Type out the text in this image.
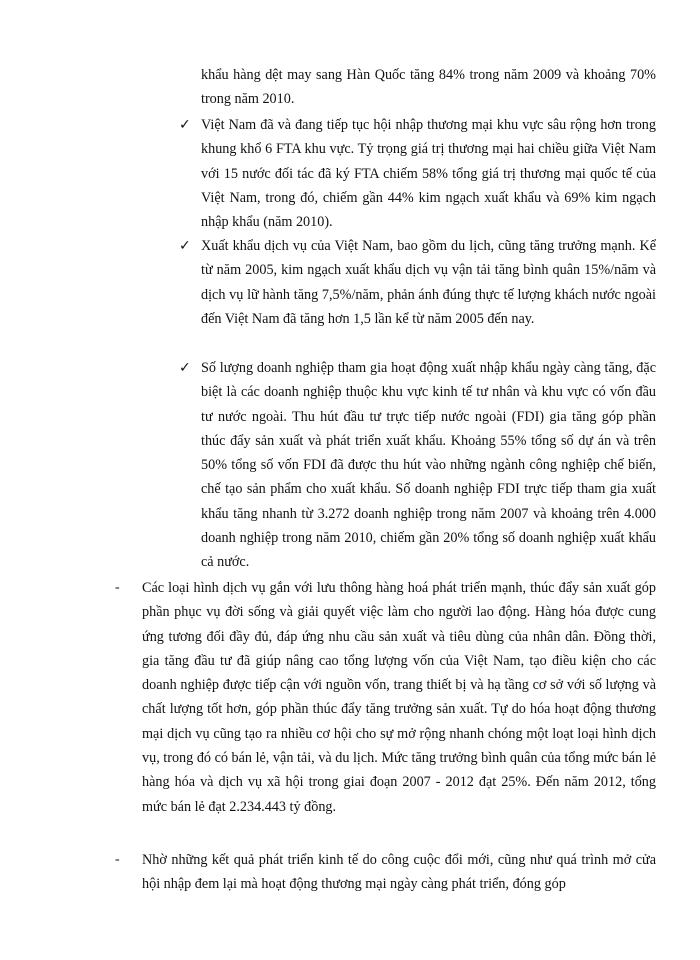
khẩu hàng dệt may sang Hàn Quốc tăng 84% trong năm 2009 và khoảng 70% trong năm 2010.

✓ Việt Nam đã và đang tiếp tục hội nhập thương mại khu vực sâu rộng hơn trong khung khổ 6 FTA khu vực. Tỷ trọng giá trị thương mại hai chiều giữa Việt Nam với 15 nước đối tác đã ký FTA chiếm 58% tổng giá trị thương mại quốc tế của Việt Nam, trong đó, chiếm gần 44% kim ngạch xuất khẩu và 69% kim ngạch nhập khẩu (năm 2010).

✓ Xuất khẩu dịch vụ của Việt Nam, bao gồm du lịch, cũng tăng trưởng mạnh. Kể từ năm 2005, kim ngạch xuất khẩu dịch vụ vận tải tăng bình quân 15%/năm và dịch vụ lữ hành tăng 7,5%/năm, phản ánh đúng thực tế lượng khách nước ngoài đến Việt Nam đã tăng hơn 1,5 lần kể từ năm 2005 đến nay.

✓ Số lượng doanh nghiệp tham gia hoạt động xuất nhập khẩu ngày càng tăng, đặc biệt là các doanh nghiệp thuộc khu vực kinh tế tư nhân và khu vực có vốn đầu tư nước ngoài. Thu hút đầu tư trực tiếp nước ngoài (FDI) gia tăng góp phần thúc đẩy sản xuất và phát triển xuất khẩu. Khoảng 55% tổng số dự án và trên 50% tổng số vốn FDI đã được thu hút vào những ngành công nghiệp chế biến, chế tạo sản phẩm cho xuất khẩu. Số doanh nghiệp FDI trực tiếp tham gia xuất khẩu tăng nhanh từ 3.272 doanh nghiệp trong năm 2007 và khoảng trên 4.000 doanh nghiệp trong năm 2010, chiếm gần 20% tổng số doanh nghiệp xuất khẩu cả nước.

- Các loại hình dịch vụ gắn với lưu thông hàng hoá phát triển mạnh, thúc đẩy sản xuất góp phần phục vụ đời sống và giải quyết việc làm cho người lao động. Hàng hóa được cung ứng tương đối đầy đủ, đáp ứng nhu cầu sản xuất và tiêu dùng của nhân dân. Đồng thời, gia tăng đầu tư đã giúp nâng cao tổng lượng vốn của Việt Nam, tạo điều kiện cho các doanh nghiệp được tiếp cận với nguồn vốn, trang thiết bị và hạ tầng cơ sở với số lượng và chất lượng tốt hơn, góp phần thúc đẩy tăng trưởng sản xuất. Tự do hóa hoạt động thương mại dịch vụ cũng tạo ra nhiều cơ hội cho sự mở rộng nhanh chóng một loạt loại hình dịch vụ, trong đó có bán lẻ, vận tải, và du lịch. Mức tăng trưởng bình quân của tổng mức bán lẻ hàng hóa và dịch vụ xã hội trong giai đoạn 2007 - 2012 đạt 25%. Đến năm 2012, tổng mức bán lẻ đạt 2.234.443 tỷ đồng.

- Nhờ những kết quả phát triển kinh tế do công cuộc đổi mới, cũng như quá trình mở cửa hội nhập đem lại mà hoạt động thương mại ngày càng phát triển, đóng góp
